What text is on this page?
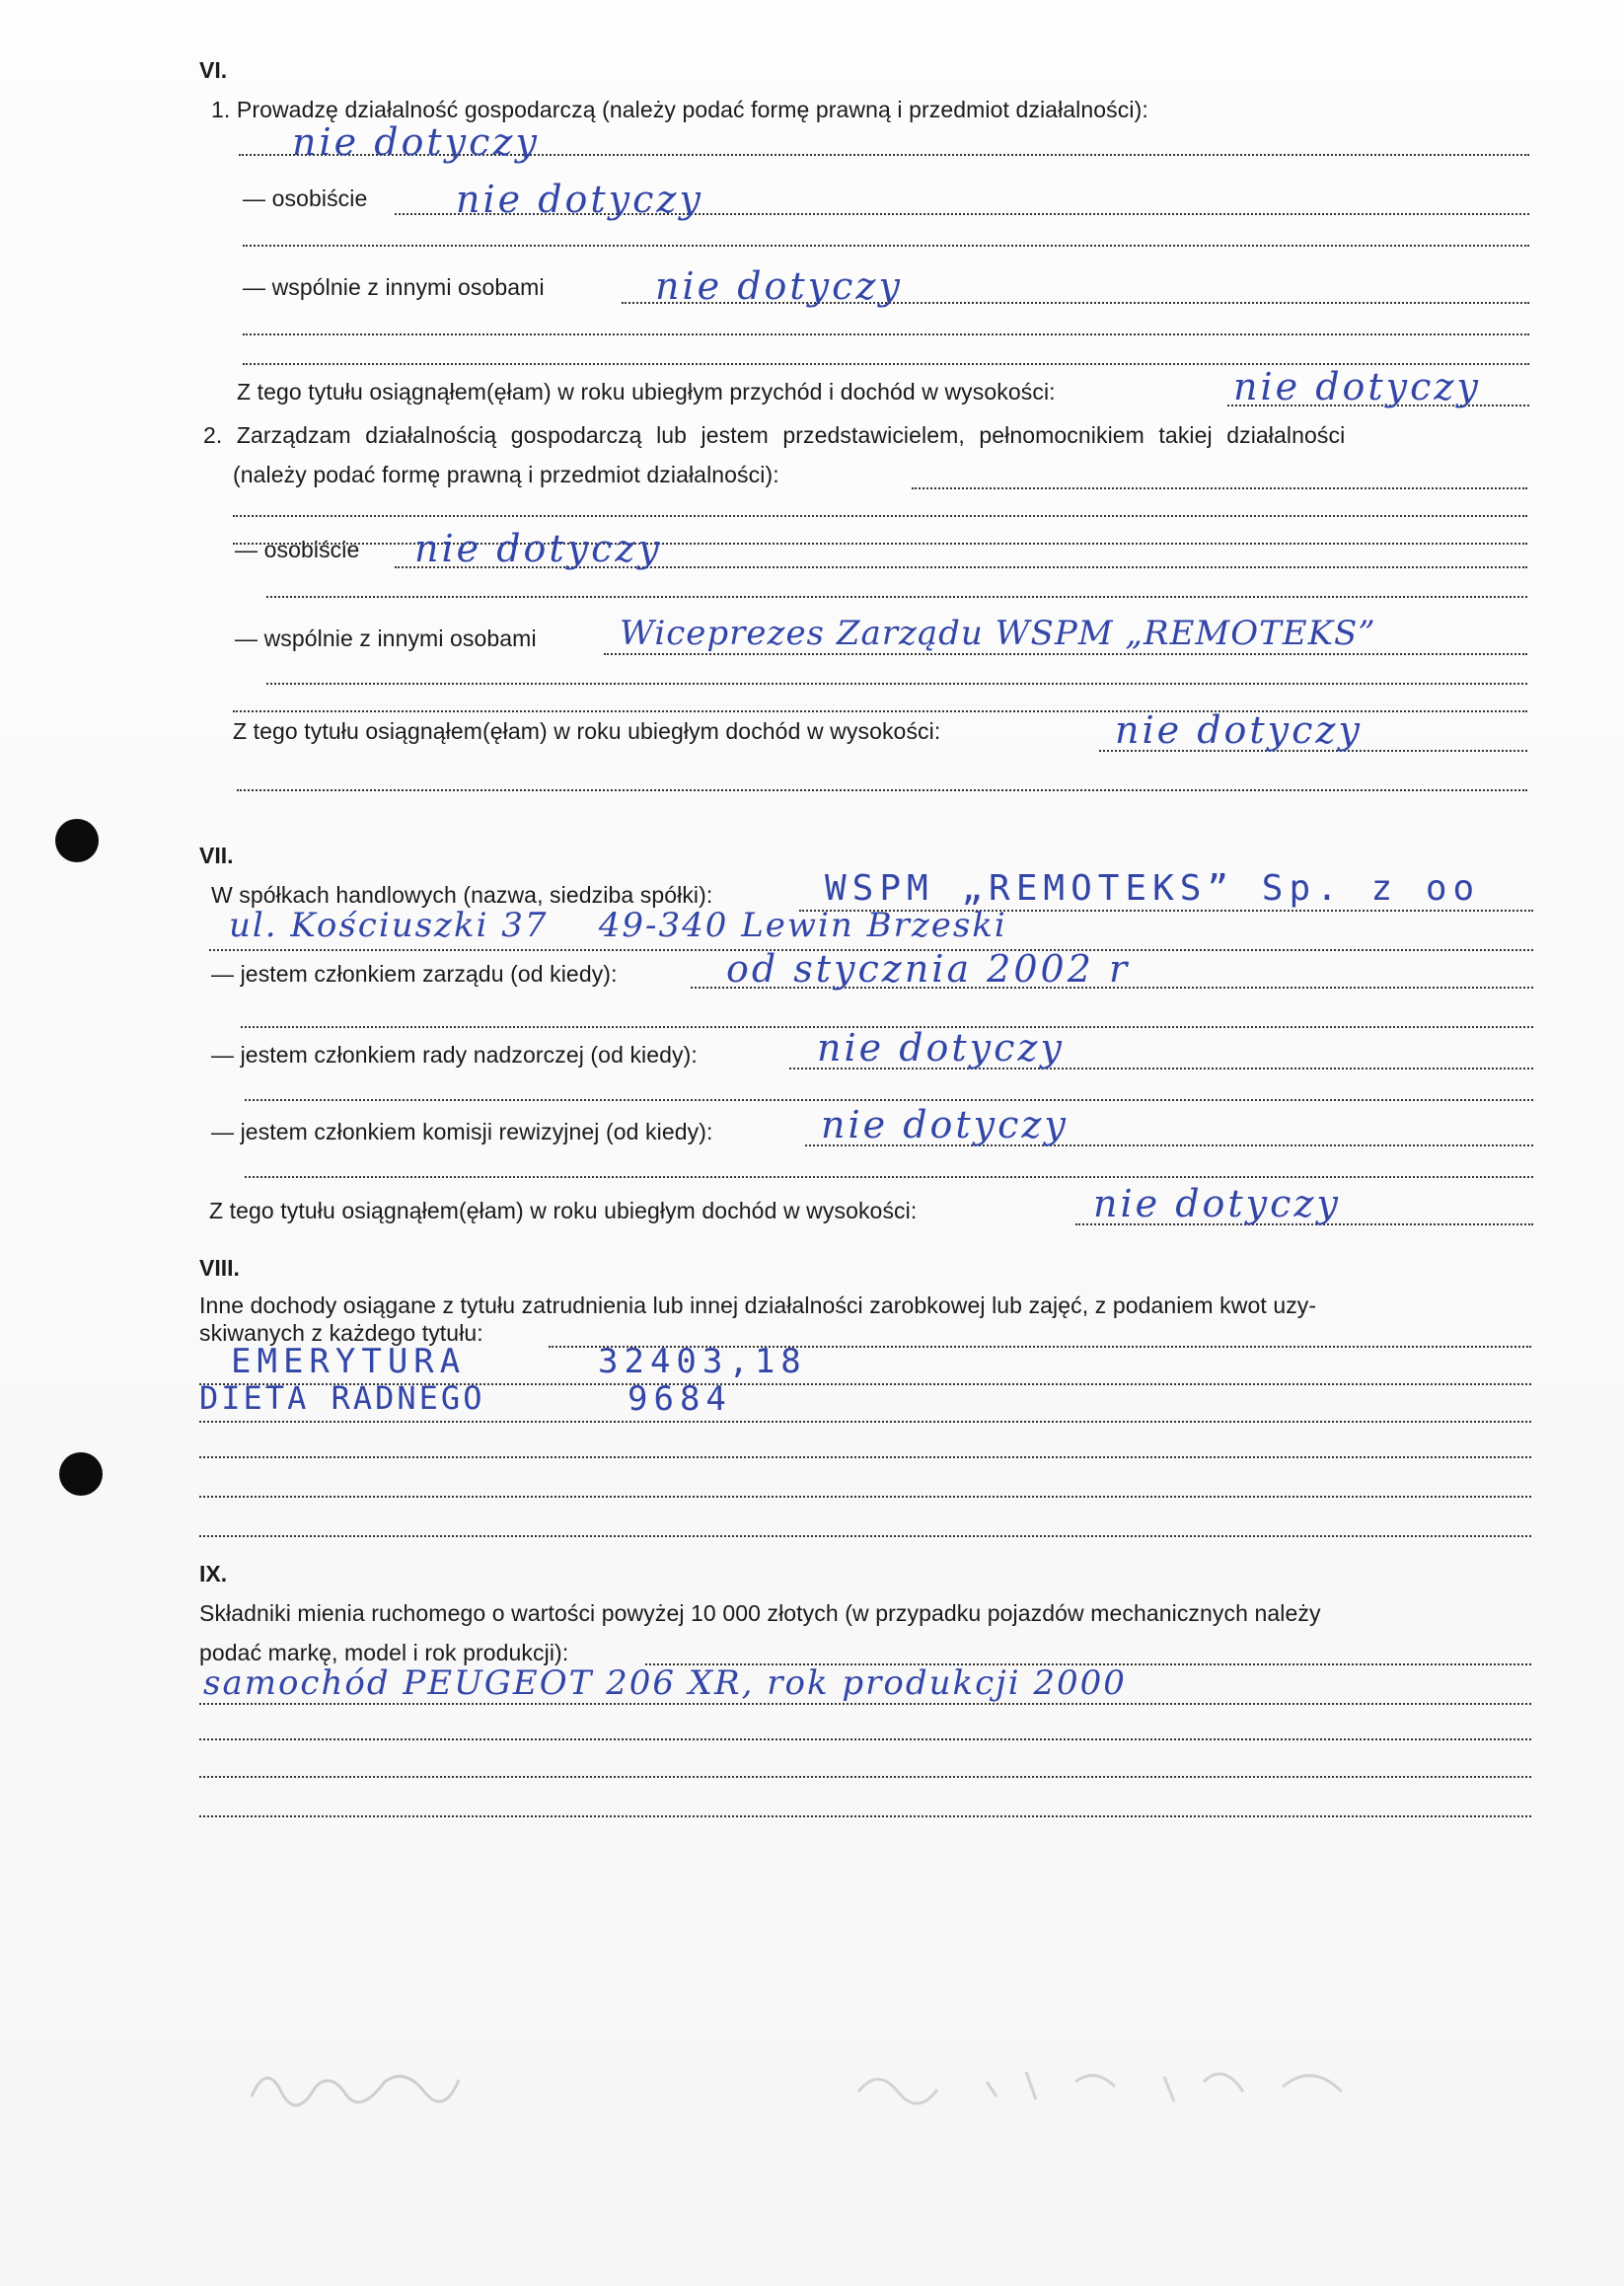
VI.
1. Prowadzę działalność gospodarczą (należy podać formę prawną i przedmiot działalności):
nie dotyczy
— osobiście nie dotyczy
— wspólnie z innymi osobami	nie dotyczy
Z tego tytułu osiągnąłem(ęłam) w roku ubiegłym przychód i dochód w wysokości:	nie dotyczy
2. Zarządzam działalnością gospodarczą lub jestem przedstawicielem, pełnomocnikiem takiej działalności
(należy podać formę prawną i przedmiot działalności):
— osobiście nie dotyczy
— wspólnie z innymi osobami Wiceprezes Zarządu WSPM „REMOTEKS”
Z tego tytułu osiągnąłem(ęłam) w roku ubiegłym dochód w wysokości:	nie dotyczy
VII.
W spółkach handlowych (nazwa, siedziba spółki):	WSPM „REMOTEKS” Sp. z oo
ul. Kościuszki 37    49-340 Lewin Brzeski
— jestem członkiem zarządu (od kiedy):	od stycznia 2002 r
— jestem członkiem rady nadzorczej (od kiedy):	nie dotyczy
— jestem członkiem komisji rewizyjnej (od kiedy):	nie dotyczy
Z tego tytułu osiągnąłem(ęłam) w roku ubiegłym dochód w wysokości:	nie dotyczy
VIII.
Inne dochody osiągane z tytułu zatrudnienia lub innej działalności zarobkowej lub zajęć, z podaniem kwot uzy-
skiwanych z każdego tytułu:
EMERYTURA	32403,18
DIETA RADNEGO	9684
IX.
Składniki mienia ruchomego o wartości powyżej 10 000 złotych (w przypadku pojazdów mechanicznych należy
podać markę, model i rok produkcji):
samochód PEUGEOT 206 XR, rok produkcji 2000
